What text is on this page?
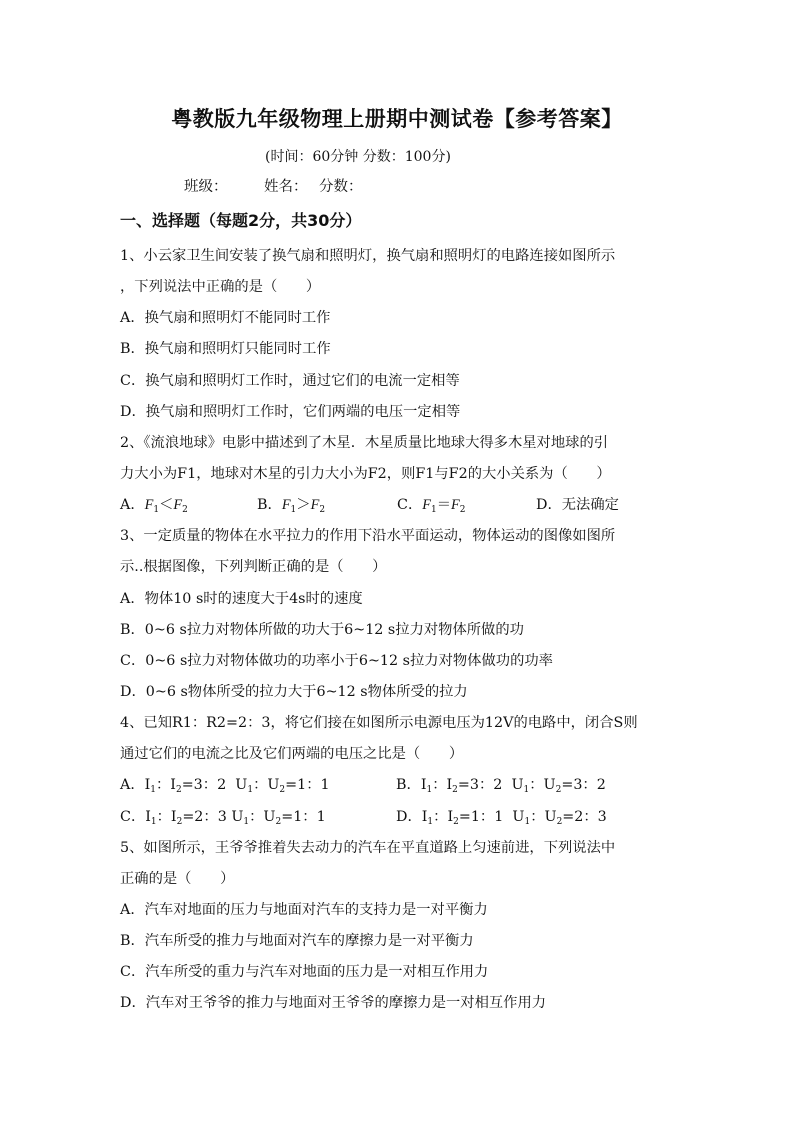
粤教版九年级物理上册期中测试卷【参考答案】
(时间：60分钟 分数：100分)
班级：	姓名： 分数：
一、选择题（每题2分，共30分）
1、小云家卫生间安装了换气扇和照明灯，换气扇和照明灯的电路连接如图所示
，下列说法中正确的是（　　）
A．换气扇和照明灯不能同时工作
B．换气扇和照明灯只能同时工作
C．换气扇和照明灯工作时，通过它们的电流一定相等
D．换气扇和照明灯工作时，它们两端的电压一定相等
2、《流浪地球》电影中描述到了木星．木星质量比地球大得多木星对地球的引
力大小为F1，地球对木星的引力大小为F2，则F1与F2的大小关系为（　　）
A．$F_1<F_2$	B．$F_1>F_2$	C．$F_1=F_2$	D．无法确定
3、一定质量的物体在水平拉力的作用下沿水平面运动，物体运动的图像如图所
示..根据图像，下列判断正确的是（　　）
A．物体10 s时的速度大于4s时的速度
B．0~6 s拉力对物体所做的功大于6~12 s拉力对物体所做的功
C．0~6 s拉力对物体做功的功率小于6~12 s拉力对物体做功的功率
D．0~6 s物体所受的拉力大于6~12 s物体所受的拉力
4、已知R1：R2=2：3，将它们接在如图所示电源电压为12V的电路中，闭合S则
通过它们的电流之比及它们两端的电压之比是（　　）
A．$I_1$：$I_2=3$：2 $U_1$：$U_2=1$：1	B．$I_1$：$I_2=3$：2 $U_1$：$U_2=3$：2
C．$I_1$：$I_2=2$：3 $U_1$：$U_2=1$：1	D．$I_1$：$I_2=1$：1 $U_1$：$U_2=2$：3
5、如图所示，王爷爷推着失去动力的汽车在平直道路上匀速前进，下列说法中
正确的是（　　）
A．汽车对地面的压力与地面对汽车的支持力是一对平衡力
B．汽车所受的推力与地面对汽车的摩擦力是一对平衡力
C．汽车所受的重力与汽车对地面的压力是一对相互作用力
D．汽车对王爷爷的推力与地面对王爷爷的摩擦力是一对相互作用力
